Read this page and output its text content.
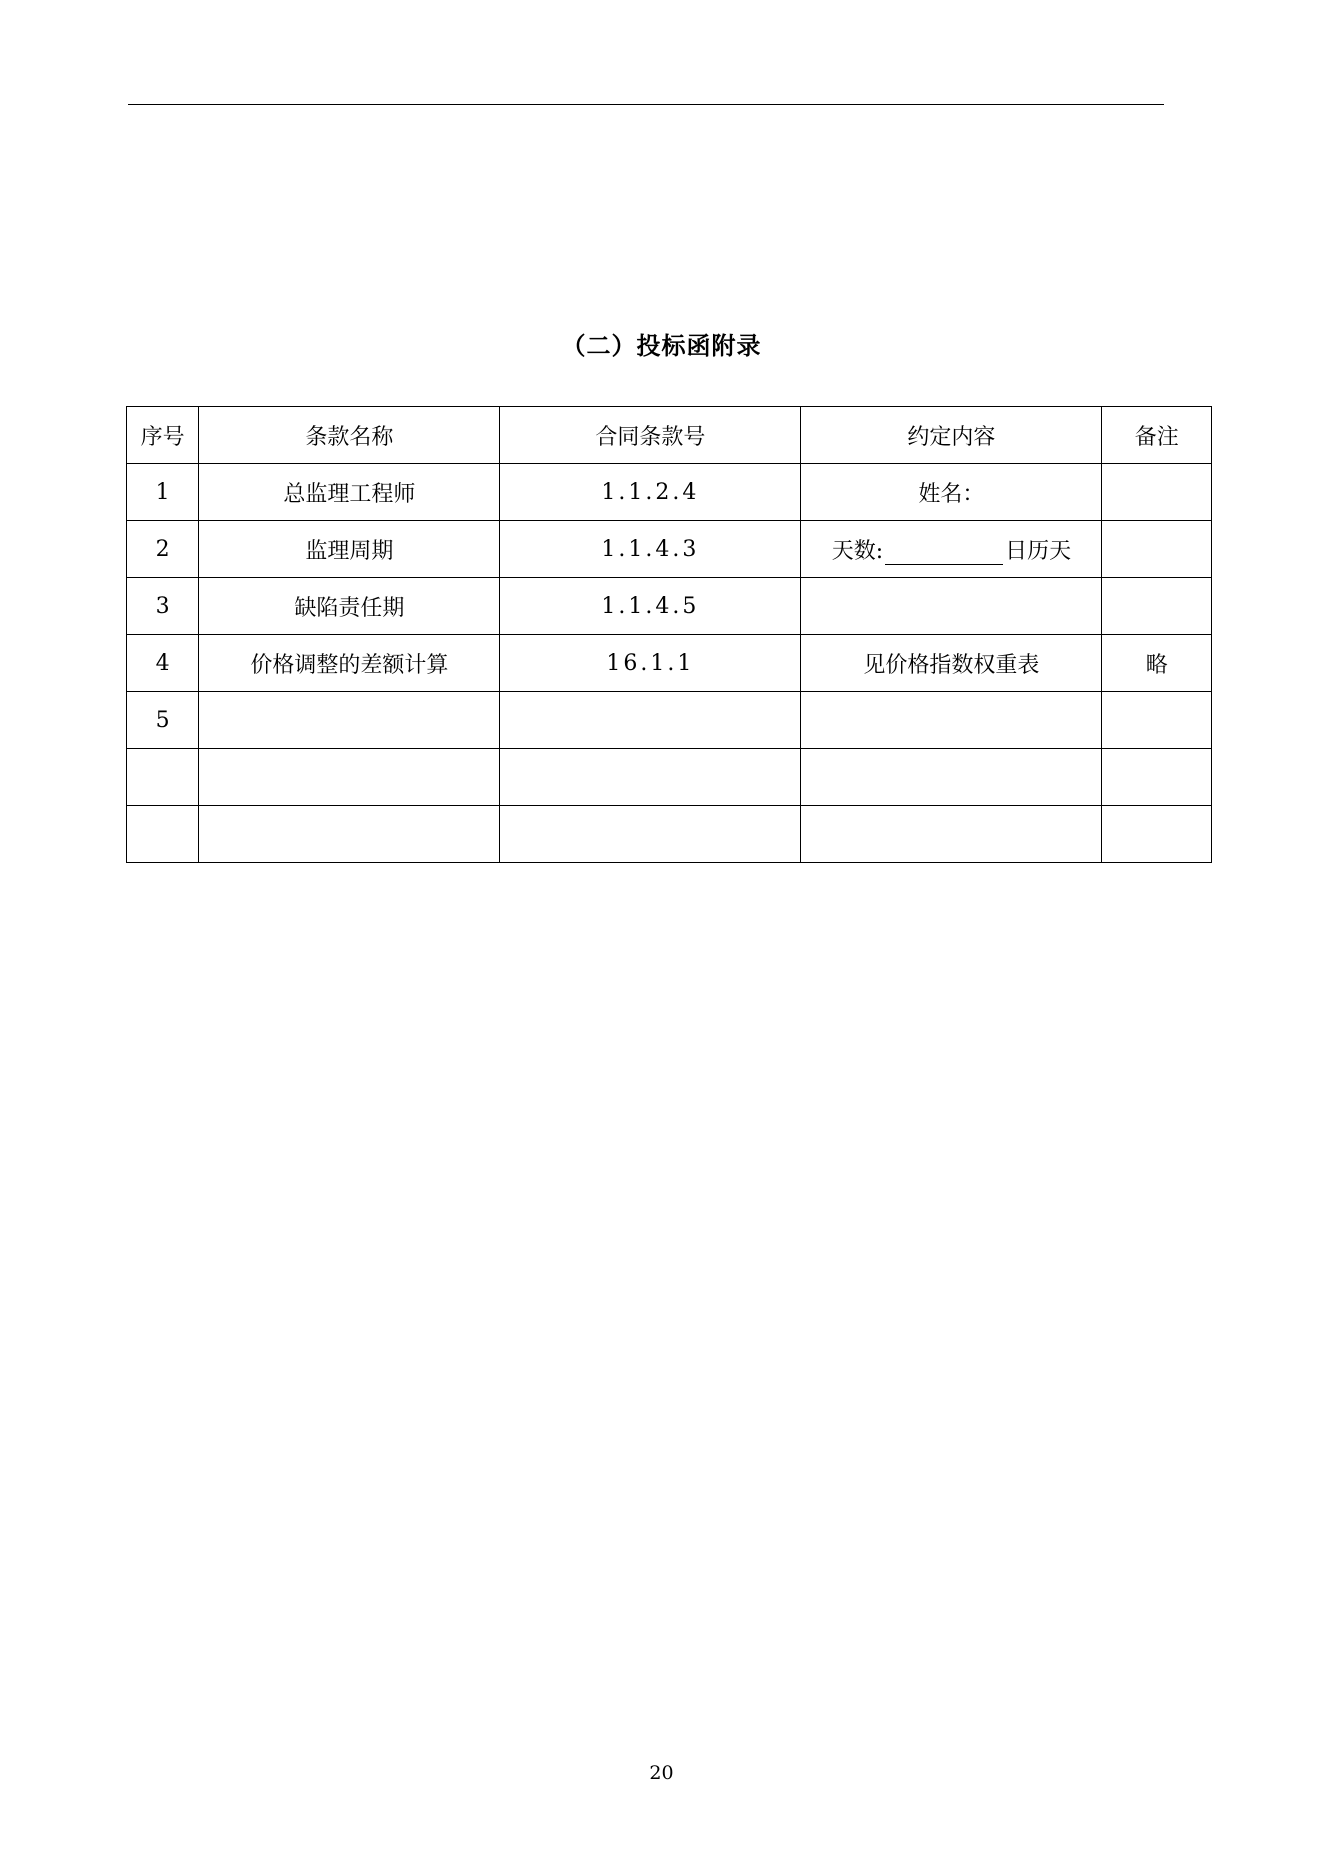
（二）投标函附录
序号	条款名称	合同条款号	约定内容	备注
1	总监理工程师	1.1.2.4	姓名：	
2	监理周期	1.1.4.3	天数: 日历天	
3	缺陷责任期	1.1.4.5		
4	价格调整的差额计算	16.1.1	见价格指数权重表	略
5				

20
